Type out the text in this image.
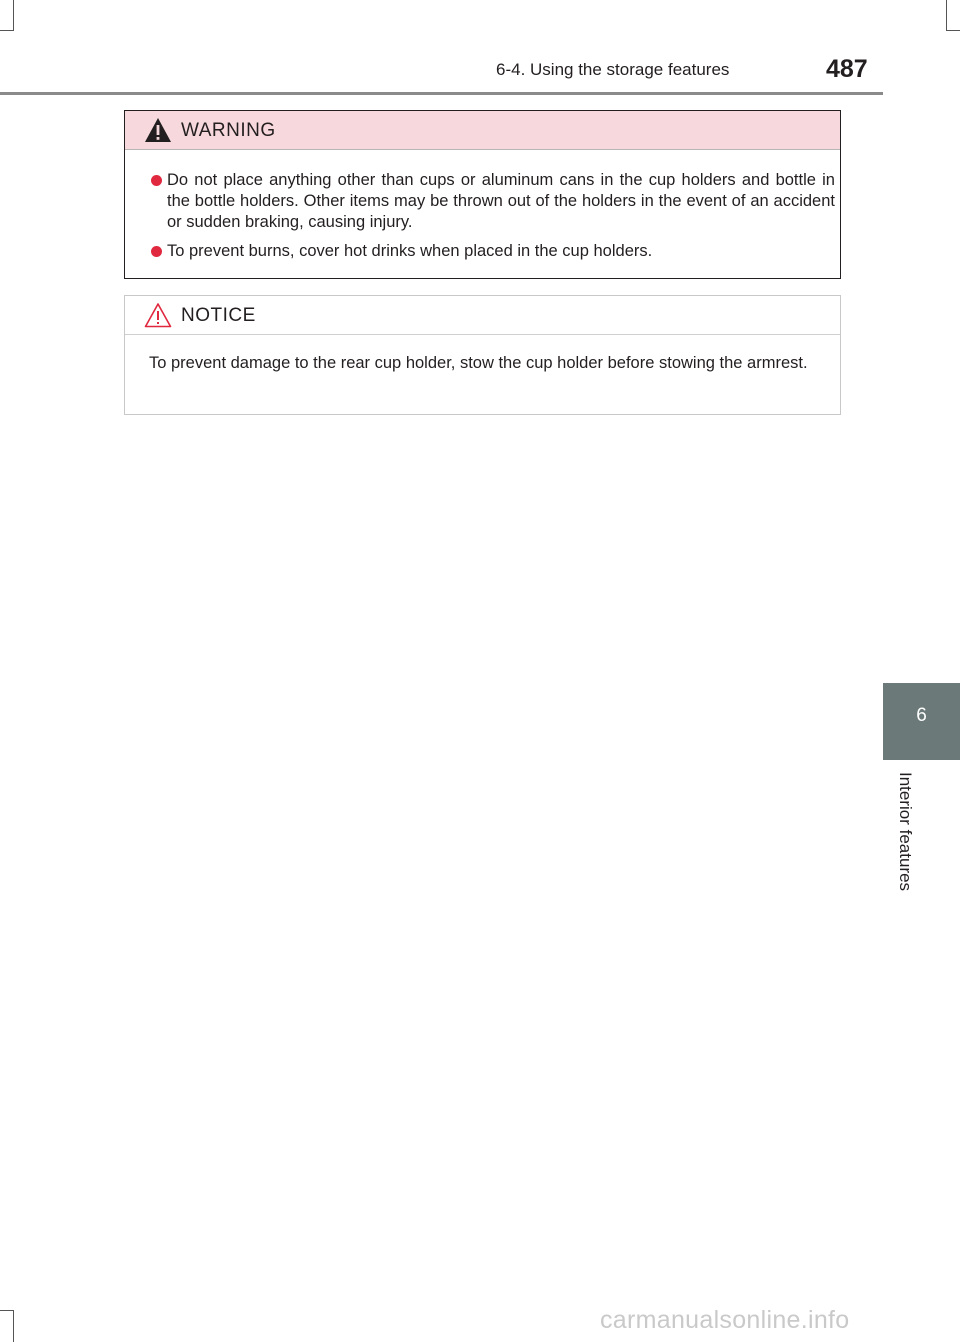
6-4. Using the storage features	487
WARNING
Do not place anything other than cups or aluminum cans in the cup holders and bottle in the bottle holders. Other items may be thrown out of the holders in the event of an accident or sudden braking, causing injury.
To prevent burns, cover hot drinks when placed in the cup holders.
NOTICE
To prevent damage to the rear cup holder, stow the cup holder before stowing the armrest.
6
Interior features
carmanualsonline.info
